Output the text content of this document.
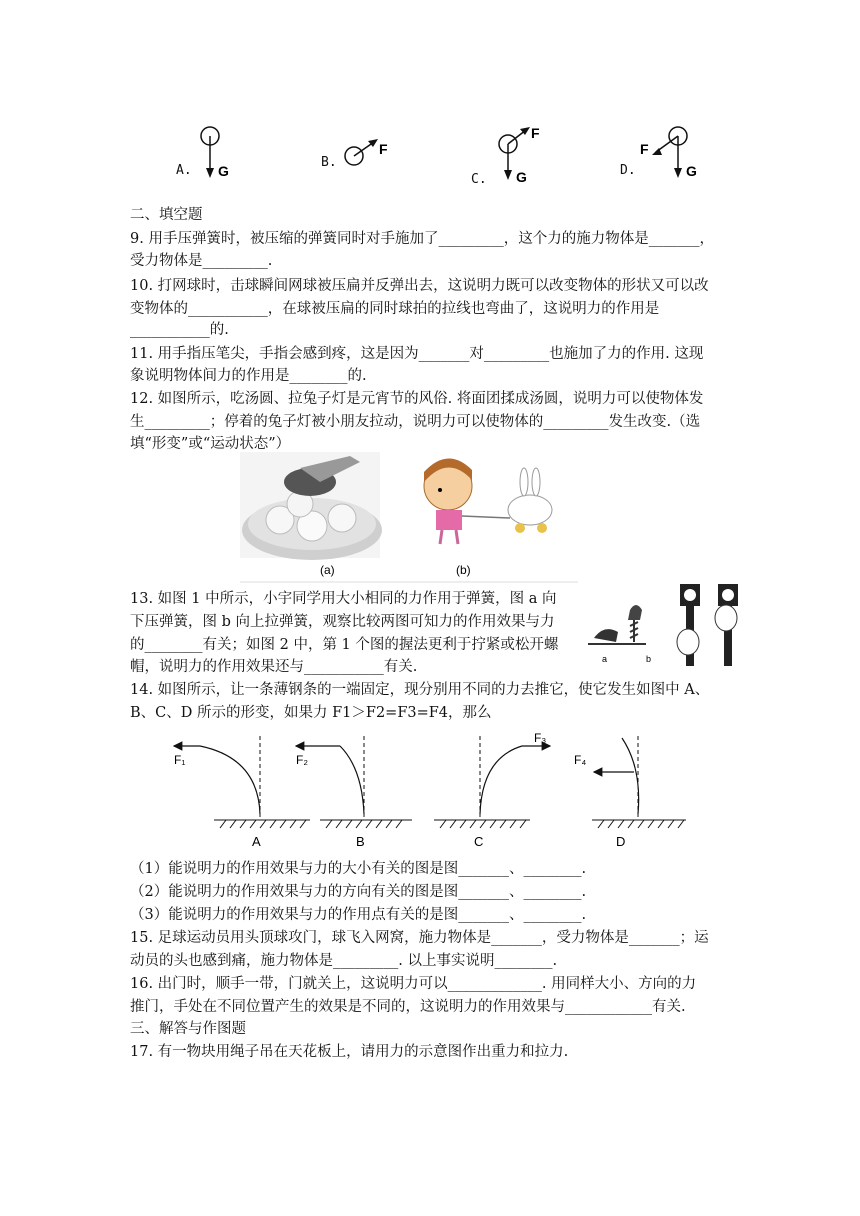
A. G
B.
F
C.
F
G	D.
F
G
二、填空题
9. 用手压弹簧时，被压缩的弹簧同时对手施加了_________，这个力的施力物体是_______，
受力物体是_________.
10. 打网球时，击球瞬间网球被压扁并反弹出去，这说明力既可以改变物体的形状又可以改
变物体的___________，在球被压扁的同时球拍的拉线也弯曲了，这说明力的作用是
___________的.
11. 用手指压笔尖，手指会感到疼，这是因为_______对_________也施加了力的作用. 这现
象说明物体间力的作用是________的.
12. 如图所示，吃汤圆、拉兔子灯是元宵节的风俗. 将面团揉成汤圆，说明力可以使物体发
生_________；停着的兔子灯被小朋友拉动，说明力可以使物体的_________发生改变.（选
填“形变”或“运动状态”）
(a)	(b)
13. 如图 1 中所示，小宇同学用大小相同的力作用于弹簧，图 a 向
下压弹簧，图 b 向上拉弹簧，观察比较两图可知力的作用效果与力
的________有关；如图 2 中，第 1 个图的握法更利于拧紧或松开螺
帽，说明力的作用效果还与___________有关.	a	b
14. 如图所示，让一条薄钢条的一端固定，现分别用不同的力去推它，使它发生如图中 A、
B、C、D 所示的形变，如果力 F1＞F2=F3=F4，那么
F₁
A
F₂
B
F₃
C
F₄
D
（1）能说明力的作用效果与力的大小有关的图是图_______、________.
（2）能说明力的作用效果与力的方向有关的图是图_______、________.
（3）能说明力的作用效果与力的作用点有关的是图_______、________.
15. 足球运动员用头顶球攻门，球飞入网窝，施力物体是_______，受力物体是_______；运
动员的头也感到痛，施力物体是_________. 以上事实说明________.
16. 出门时，顺手一带，门就关上，这说明力可以_____________. 用同样大小、方向的力
推门，手处在不同位置产生的效果是不同的，这说明力的作用效果与____________有关.
三、解答与作图题
17. 有一物块用绳子吊在天花板上，请用力的示意图作出重力和拉力.
